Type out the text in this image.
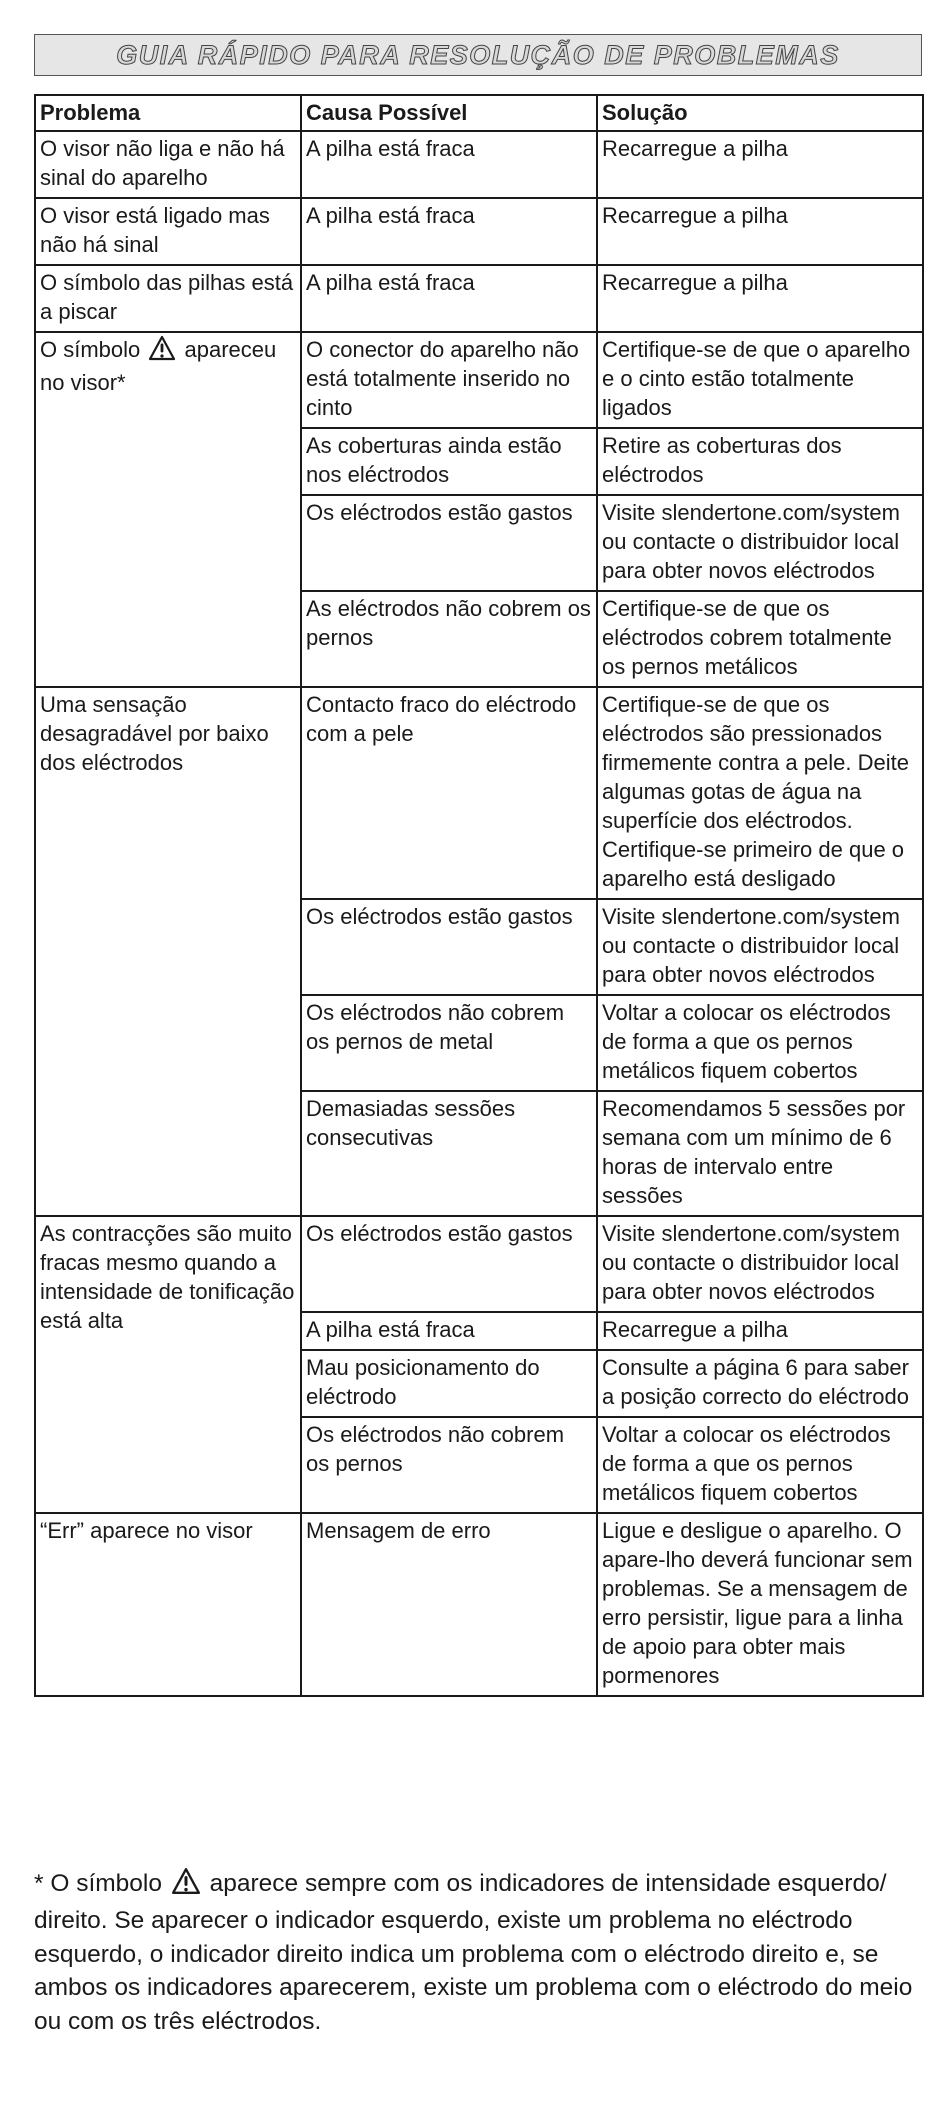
GUIA RÁPIDO PARA RESOLUÇÃO DE PROBLEMAS
Problema	Causa Possível	Solução
O visor não liga e não há sinal do aparelho	A pilha está fraca	Recarregue a pilha
O visor está ligado mas não há sinal	A pilha está fraca	Recarregue a pilha
O símbolo das pilhas está a piscar	A pilha está fraca	Recarregue a pilha
O símbolo apareceu no visor*	O conector do aparelho não está totalmente inserido no cinto	Certifique-se de que o aparelho e o cinto estão totalmente ligados
	As coberturas ainda estão nos eléctrodos	Retire as coberturas dos eléctrodos
	Os eléctrodos estão gastos	Visite slendertone.com/system ou contacte o distribuidor local para obter novos eléctrodos
	As eléctrodos não cobrem os pernos	Certifique-se de que os eléctrodos cobrem totalmente os pernos metálicos
Uma sensação desagradável por baixo dos eléctrodos	Contacto fraco do eléctrodo com a pele	Certifique-se de que os eléctrodos são pressionados firmemente contra a pele. Deite algumas gotas de água na superfície dos eléctrodos. Certifique-se primeiro de que o aparelho está desligado
	Os eléctrodos estão gastos	Visite slendertone.com/system ou contacte o distribuidor local para obter novos eléctrodos
	Os eléctrodos não cobrem os pernos de metal	Voltar a colocar os eléctrodos de forma a que os pernos metálicos fiquem cobertos
	Demasiadas sessões consecutivas	Recomendamos 5 sessões por semana com um mínimo de 6 horas de intervalo entre sessões
As contracções são muito fracas mesmo quando a intensidade de tonificação está alta	Os eléctrodos estão gastos	Visite slendertone.com/system ou contacte o distribuidor local para obter novos eléctrodos
	A pilha está fraca	Recarregue a pilha
	Mau posicionamento do eléctrodo	Consulte a página 6 para saber a posição correcto do eléctrodo
	Os eléctrodos não cobrem os pernos	Voltar a colocar os eléctrodos de forma a que os pernos metálicos fiquem cobertos
“Err” aparece no visor	Mensagem de erro	Ligue e desligue o aparelho. O apare-lho deverá funcionar sem problemas. Se a mensagem de erro persistir, ligue para a linha de apoio para obter mais pormenores

* O símbolo aparece sempre com os indicadores de intensidade esquerdo/ direito. Se aparecer o indicador esquerdo, existe um problema no eléctrodo esquerdo, o indicador direito indica um problema com o eléctrodo direito e, se ambos os indicadores aparecerem, existe um problema com o eléctrodo do meio ou com os três eléctrodos.
